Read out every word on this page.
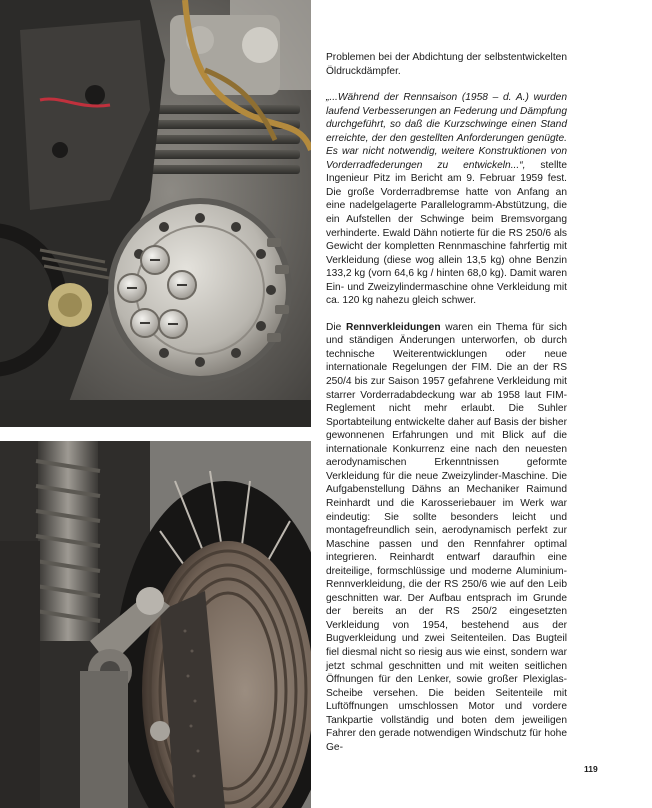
Problemen bei der Abdichtung der selbstentwickelten Öldruckdämpfer.

„...Während der Rennsaison (1958 – d. A.) wurden laufend Verbesserungen an Federung und Dämpfung durchgeführt, so daß die Kurzschwinge einen Stand erreichte, der den gestellten Anforderungen genügte. Es war nicht notwendig, weitere Konstruktionen von Vorderradfederungen zu entwickeln...“, stellte Ingenieur Pitz im Bericht am 9. Februar 1959 fest. Die große Vorderradbremse hatte von Anfang an eine nadelgelagerte Parallelogramm-Abstützung, die ein Aufstellen der Schwinge beim Bremsvorgang verhinderte. Ewald Dähn notierte für die RS 250/6 als Gewicht der kompletten Rennmaschine fahrfertig mit Verkleidung (diese wog allein 13,5 kg) ohne Benzin 133,2 kg (vorn 64,6 kg / hinten 68,0 kg). Damit waren Ein- und Zweizylindermaschine ohne Verkleidung mit ca. 120 kg nahezu gleich schwer.

Die Rennverkleidungen waren ein Thema für sich und ständigen Änderungen unterworfen, ob durch technische Weiterentwicklungen oder neue internationale Regelungen der FIM. Die an der RS 250/4 bis zur Saison 1957 gefahrene Verkleidung mit starrer Vorderradabdeckung war ab 1958 laut FIM-Reglement nicht mehr erlaubt. Die Suhler Sportabteilung entwickelte daher auf Basis der bisher gewonnenen Erfahrungen und mit Blick auf die internationale Konkurrenz eine nach den neuesten aerodynamischen Erkenntnissen geformte Verkleidung für die neue Zweizylinder-Maschine. Die Aufgabenstellung Dähns an Mechaniker Raimund Reinhardt und die Karosseriebauer im Werk war eindeutig: Sie sollte besonders leicht und montagefreundlich sein, aerodynamisch perfekt zur Maschine passen und den Rennfahrer optimal integrieren. Reinhardt entwarf daraufhin eine dreiteilige, formschlüssige und moderne Aluminium-Rennverkleidung, die der RS 250/6 wie auf den Leib geschnitten war. Der Aufbau entsprach im Grunde der bereits an der RS 250/2 eingesetzten Verkleidung von 1954, bestehend aus der Bugverkleidung und zwei Seitenteilen. Das Bugteil fiel diesmal nicht so riesig aus wie einst, sondern war jetzt schmal geschnitten und mit weiten seitlichen Öffnungen für den Lenker, sowie großer Plexiglas-Scheibe versehen. Die beiden Seitenteile mit Luftöffnungen umschlossen Motor und vordere Tankpartie vollständig und boten dem jeweiligen Fahrer den gerade notwendigen Windschutz für hohe Ge-

119
